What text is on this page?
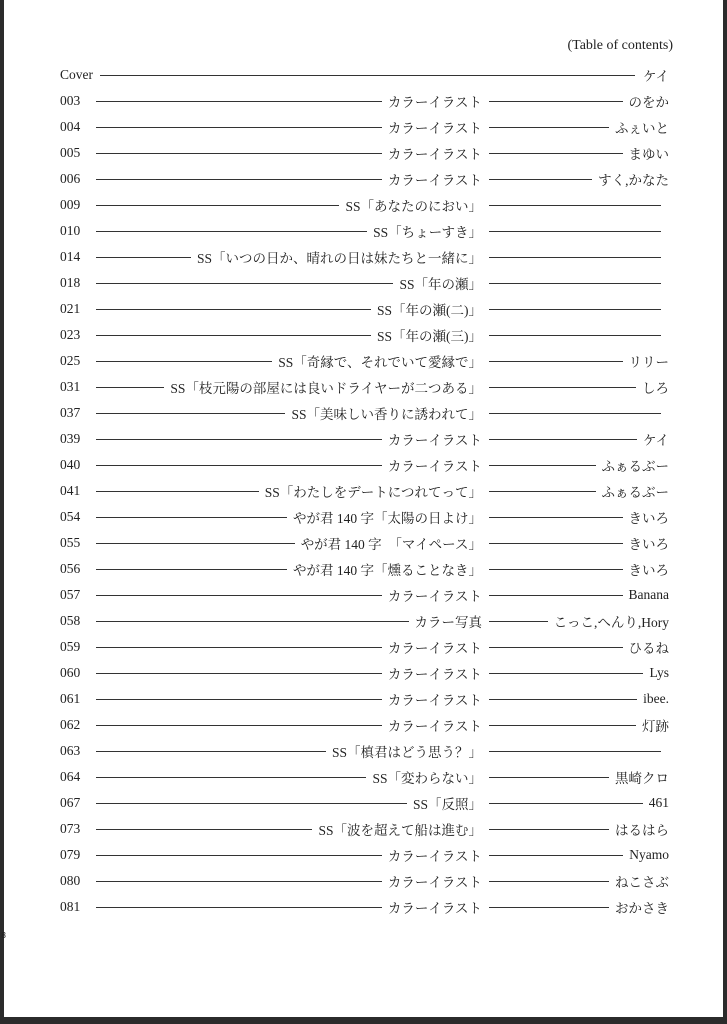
(Table of contents)
Cover	ケイ
003	カラーイラスト	のをか
004	カラーイラスト	ふぇいと
005	カラーイラスト	まゆい
006	カラーイラスト	すく,かなた
009	SS「あなたのにおい」
010	SS「ちょーすき」
014	SS「いつの日か、晴れの日は妹たちと一緒に」
018	SS「年の瀬」
021	SS「年の瀬(二)」
023	SS「年の瀬(三)」
025	SS「奇縁で、それでいて愛縁で」	リリー
031	SS「枝元陽の部屋には良いドライヤーが二つある」	しろ
037	SS「美味しい香りに誘われて」
039	カラーイラスト	ケイ
040	カラーイラスト	ふぁるぶー
041	SS「わたしをデートにつれてって」	ふぁるぶー
054	やが君 140 字「太陽の日よけ」	きいろ
055	やが君 140 字　「マイペース」	きいろ
056	やが君 140 字「燻ることなき」	きいろ
057	カラーイラスト	Banana
058	カラー写真	こっこ,へんり,Hory
059	カラーイラスト	ひるね
060	カラーイラスト	Lys
061	カラーイラスト	ibee.
062	カラーイラスト	灯跡
063	SS「槙君はどう思う？」
064	SS「変わらない」	黒崎クロ
067	SS「反照」	461
073	SS「波を超えて船は進む」	はるはら
079	カラーイラスト	Nyamo
080	カラーイラスト	ねこさぶ
081	カラーイラスト	おかさき
8
